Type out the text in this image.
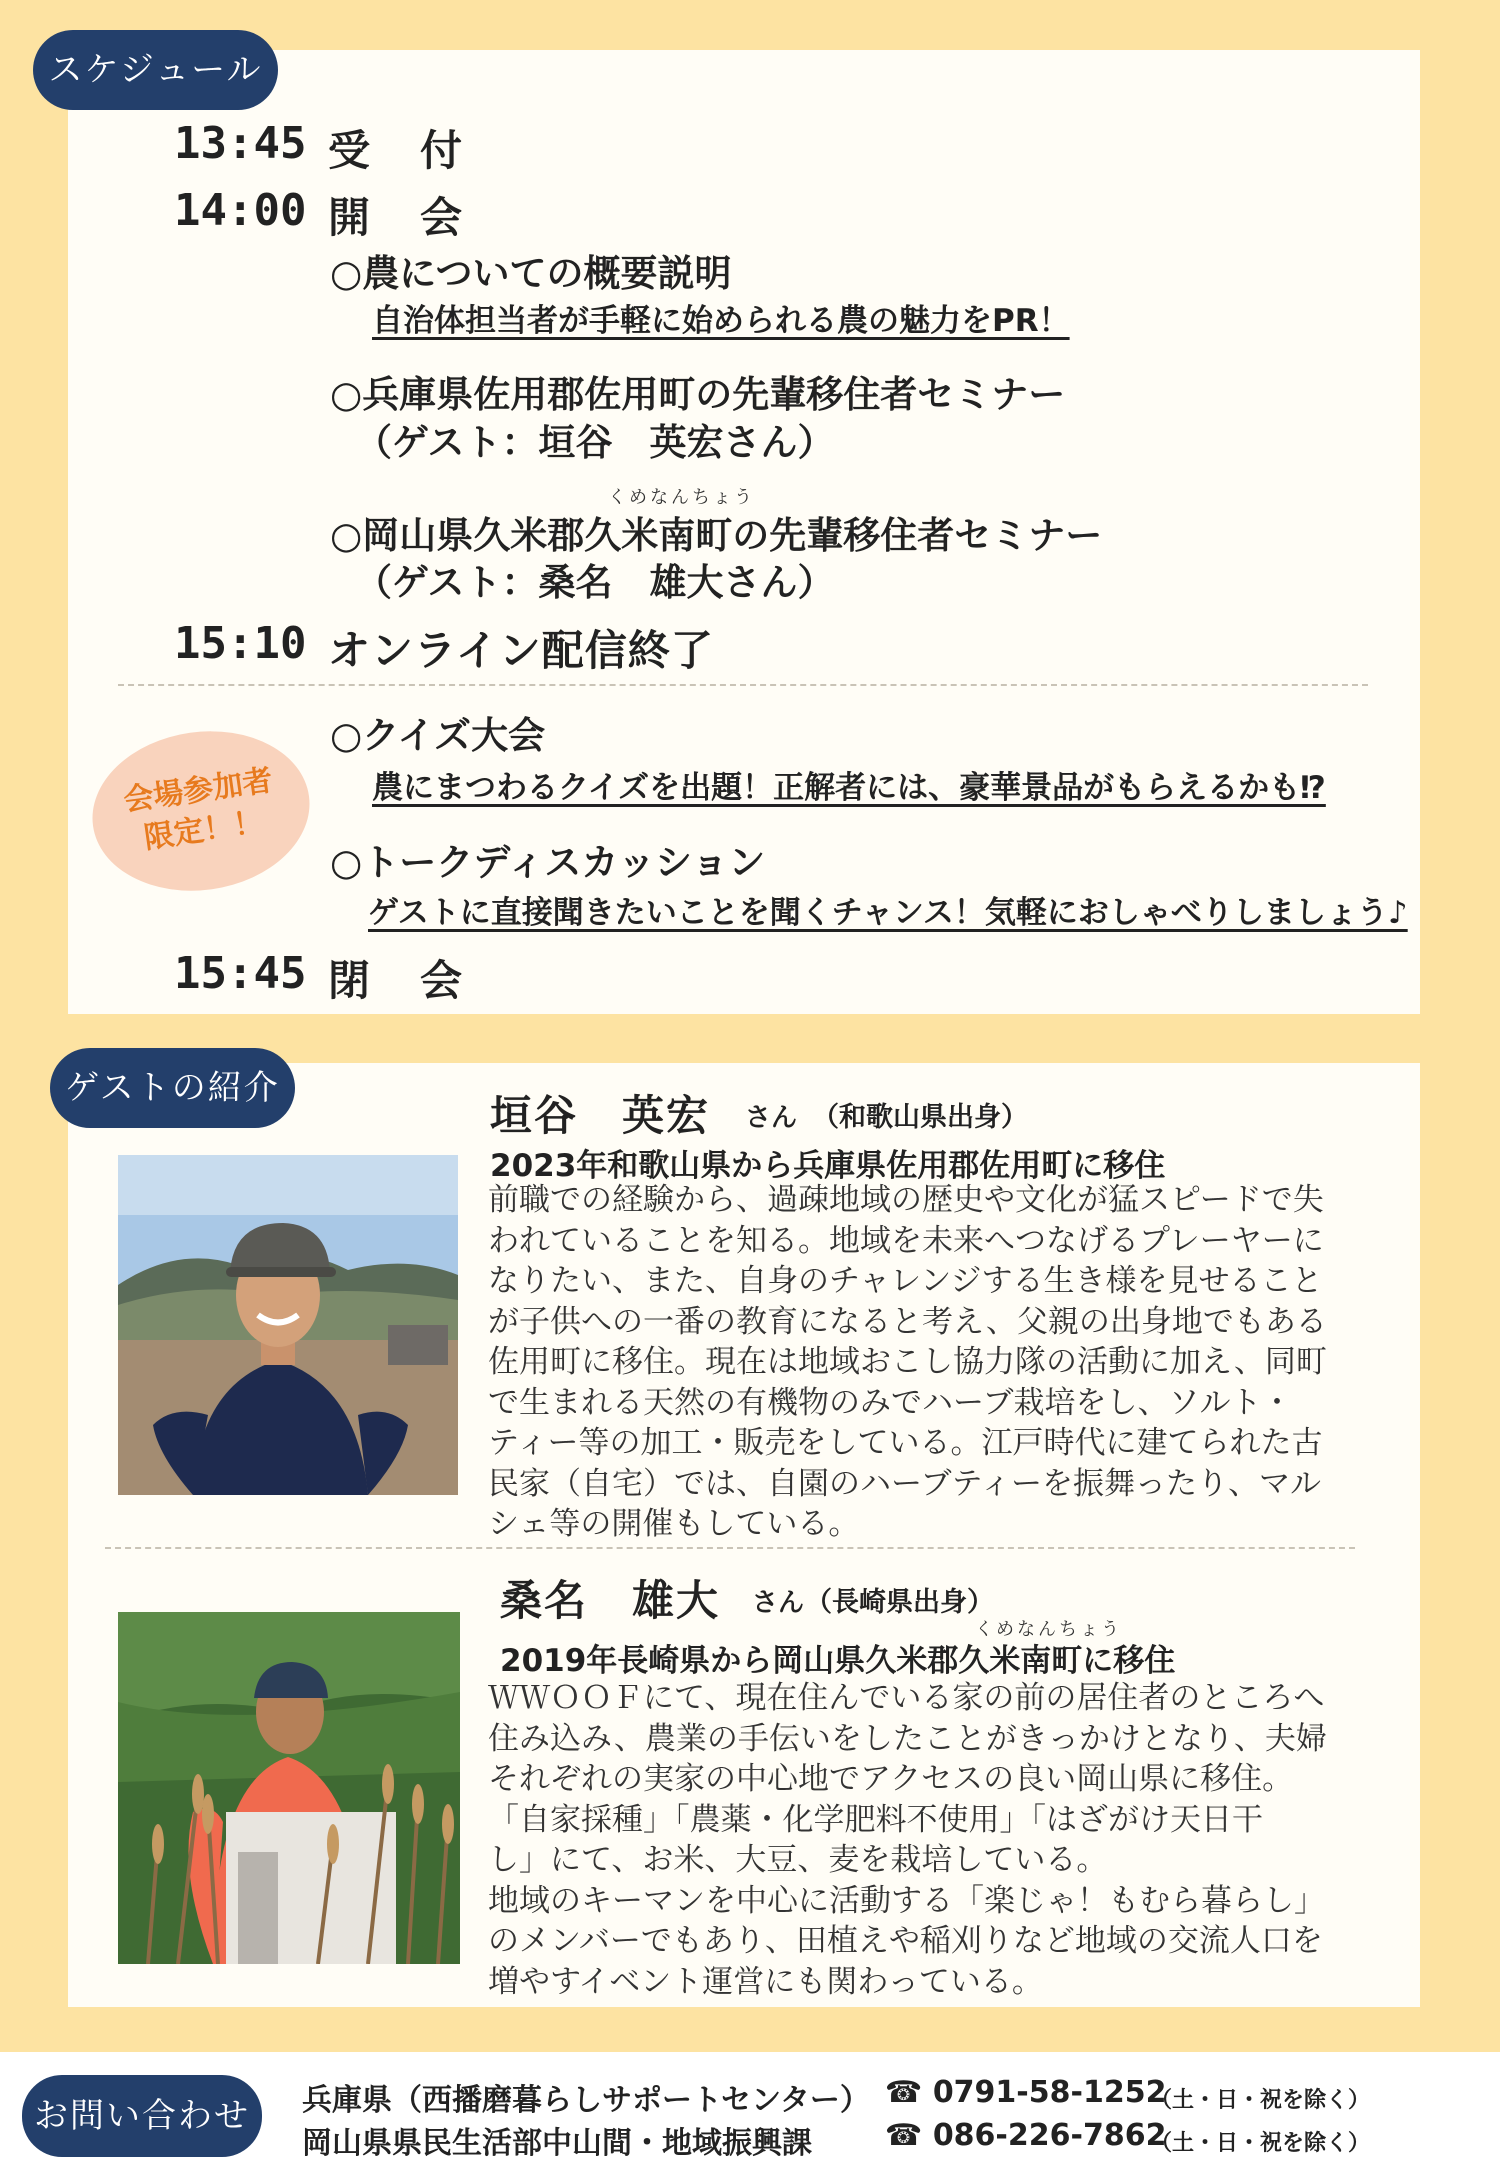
スケジュール
13:45 受　付
14:00 開　会
○農についての概要説明
自治体担当者が手軽に始められる農の魅力をPR！
○兵庫県佐用郡佐用町の先輩移住者セミナー
（ゲスト：垣谷　英宏さん）
くめなんちょう
○岡山県久米郡久米南町の先輩移住者セミナー
（ゲスト：桑名　雄大さん）
15:10 オンライン配信終了
会場参加者
限定！！
○クイズ大会
農にまつわるクイズを出題！正解者には、豪華景品がもらえるかも⁉
○トークディスカッション
ゲストに直接聞きたいことを聞くチャンス！気軽におしゃべりしましょう♪
15:45 閉　会
ゲストの紹介
垣谷　英宏 さん （和歌山県出身）
2023年和歌山県から兵庫県佐用郡佐用町に移住
前職での経験から、過疎地域の歴史や文化が猛スピードで失
われていることを知る。地域を未来へつなげるプレーヤーに
なりたい、また、自身のチャレンジする生き様を見せること
が子供への一番の教育になると考え、父親の出身地でもある
佐用町に移住。現在は地域おこし協力隊の活動に加え、同町
で生まれる天然の有機物のみでハーブ栽培をし、ソルト・
ティー等の加工・販売をしている。江戸時代に建てられた古
民家（自宅）では、自園のハーブティーを振舞ったり、マル
シェ等の開催もしている。
桑名　雄大 さん （長崎県出身）
くめなんちょう
2019年長崎県から岡山県久米郡久米南町に移住
ＷＷＯＯＦにて、現在住んでいる家の前の居住者のところへ
住み込み、農業の手伝いをしたことがきっかけとなり、夫婦
それぞれの実家の中心地でアクセスの良い岡山県に移住。
「自家採種」「農薬・化学肥料不使用」「はざがけ天日干
し」にて、お米、大豆、麦を栽培している。
地域のキーマンを中心に活動する「楽じゃ！もむら暮らし」
のメンバーでもあり、田植えや稲刈りなど地域の交流人口を
増やすイベント運営にも関わっている。
お問い合わせ	兵庫県（西播磨暮らしサポートセンター） ☎ 0791-58-1252
（土・日・祝を除く）
岡山県県民生活部中山間・地域振興課 ☎ 086-226-7862
（土・日・祝を除く）
